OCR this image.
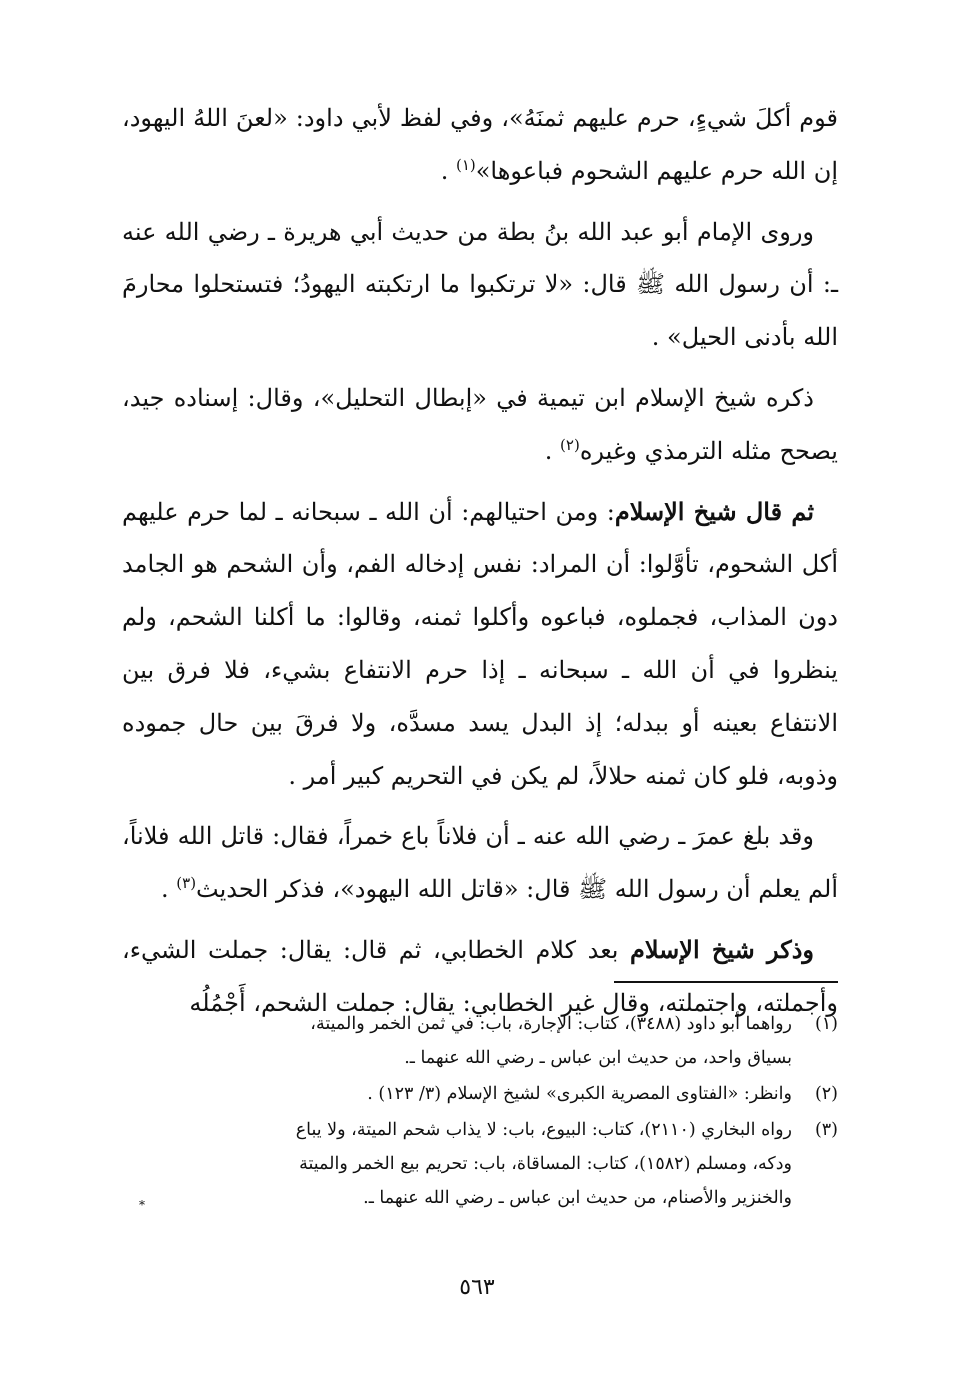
قوم أكلَ شيءٍ، حرم عليهم ثمنَهُ»، وفي لفظ لأبي داود: «لعنَ اللهُ اليهود، إن الله حرم عليهم الشحوم فباعوها»$^{(١)}$ .

وروى الإمام أبو عبد الله بنُ بطة من حديث أبي هريرة ـ رضي الله عنه ـ: أن رسول الله ﷺ قال: «لا ترتكبوا ما ارتكبته اليهودُ؛ فتستحلوا محارمَ الله بأدنى الحيل» .

ذكره شيخ الإسلام ابن تيمية في «إبطال التحليل»، وقال: إسناده جيد، يصحح مثله الترمذي وغيره$^{(٢)}$ .

ثم قال شيخ الإسلام: ومن احتيالهم: أن الله ـ سبحانه ـ لما حرم عليهم أكل الشحوم، تأوَّلوا: أن المراد: نفس إدخاله الفم، وأن الشحم هو الجامد دون المذاب، فجملوه، فباعوه وأكلوا ثمنه، وقالوا: ما أكلنا الشحم، ولم ينظروا في أن الله ـ سبحانه ـ إذا حرم الانتفاع بشيء، فلا فرق بين الانتفاع بعينه أو ببدله؛ إذ البدل يسد مسدَّه، ولا فرقَ بين حال جموده وذوبه، فلو كان ثمنه حلالاً، لم يكن في التحريم كبير أمر .

وقد بلغ عمرَ ـ رضي الله عنه ـ أن فلاناً باع خمراً، فقال: قاتل الله فلاناً، ألم يعلم أن رسول الله ﷺ قال: «قاتل الله اليهود»، فذكر الحديث$^{(٣)}$ .

وذكر شيخ الإسلام بعد كلام الخطابي، ثم قال: يقال: جملت الشيء، وأجملته، واجتملته، وقال غير الخطابي: يقال: جملت الشحم، أَجْمُلُه

(١)
رواهما أبو داود (٣٤٨٨)، كتاب: الإجارة، باب: في ثمن الخمر والميتة،
بسياق واحد، من حديث ابن عباس ـ رضي الله عنهما ـ.
(٢)
وانظر: «الفتاوى المصرية الكبرى» لشيخ الإسلام (٣/ ١٢٣) .
(٣)
رواه البخاري (٢١١٠)، كتاب: البيوع، باب: لا يذاب شحم الميتة، ولا يباع
ودكه، ومسلم (١٥٨٢)، كتاب: المساقاة، باب: تحريم بيع الخمر والميتة
والخنزير والأصنام، من حديث ابن عباس ـ رضي الله عنهما ـ.
*
٥٦٣
